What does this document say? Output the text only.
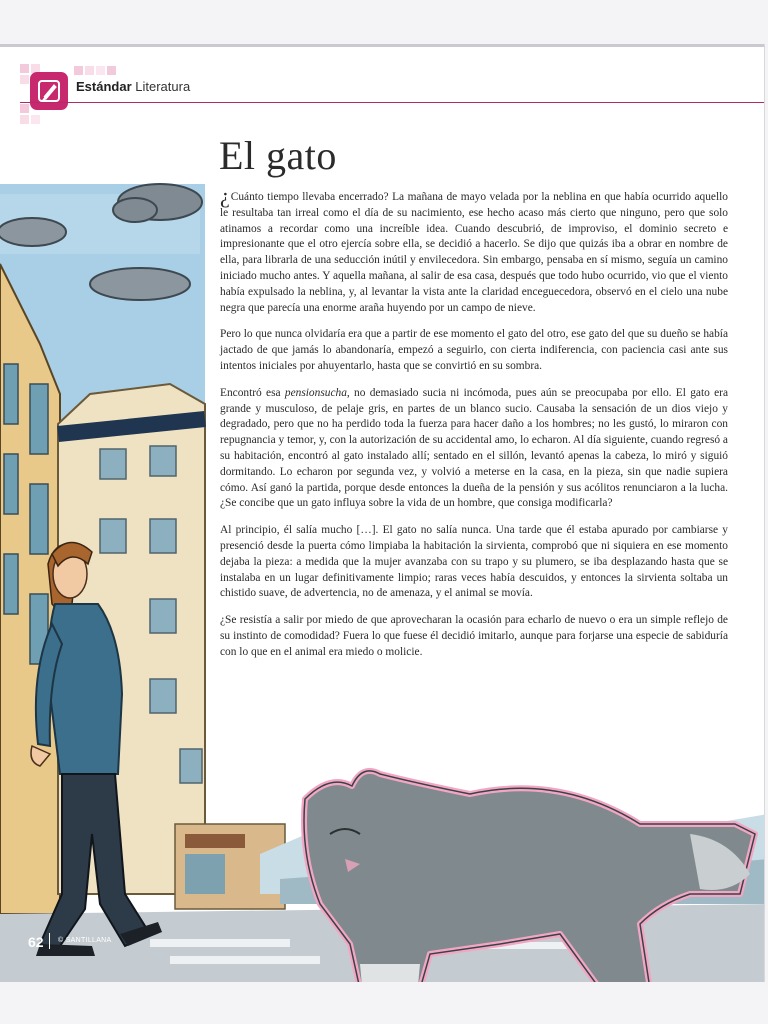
Estándar Literatura
El gato

¿Cuánto tiempo llevaba encerrado? La mañana de mayo velada por la neblina en que había ocurrido aquello le resultaba tan irreal como el día de su nacimiento, ese hecho acaso más cierto que ninguno, pero que solo atinamos a recordar como una increíble idea. Cuando descubrió, de improviso, el dominio secreto e impresionante que el otro ejercía sobre ella, se decidió a hacerlo. Se dijo que quizás iba a obrar en nombre de ella, para librarla de una seducción inútil y envilecedora. Sin embargo, pensaba en sí mismo, seguía un camino iniciado mucho antes. Y aquella mañana, al salir de esa casa, después que todo hubo ocurrido, vio que el viento había expulsado la neblina, y, al levantar la vista ante la claridad enceguecedora, observó en el cielo una nube negra que parecía una enorme araña huyendo por un campo de nieve.

Pero lo que nunca olvidaría era que a partir de ese momento el gato del otro, ese gato del que su dueño se había jactado de que jamás lo abandonaría, empezó a seguirlo, con cierta indiferencia, con paciencia casi ante sus intentos iniciales por ahuyentarlo, hasta que se convirtió en su sombra.

Encontró esa pensionsucha, no demasiado sucia ni incómoda, pues aún se preocupaba por ello. El gato era grande y musculoso, de pelaje gris, en partes de un blanco sucio. Causaba la sensación de un dios viejo y degradado, pero que no ha perdido toda la fuerza para hacer daño a los hombres; no les gustó, lo miraron con repugnancia y temor, y, con la autorización de su accidental amo, lo echaron. Al día siguiente, cuando regresó a su habitación, encontró al gato instalado allí; sentado en el sillón, levantó apenas la cabeza, lo miró y siguió dormitando. Lo echaron por segunda vez, y volvió a meterse en la casa, en la pieza, sin que nadie supiera cómo. Así ganó la partida, porque desde entonces la dueña de la pensión y sus acólitos renunciaron a la lucha. ¿Se concibe que un gato influya sobre la vida de un hombre, que consiga modificarla?

Al principio, él salía mucho […]. El gato no salía nunca. Una tarde que él estaba apurado por cambiarse y presenció desde la puerta cómo limpiaba la habitación la sirvienta, comprobó que ni siquiera en ese momento dejaba la pieza: a medida que la mujer avanzaba con su trapo y su plumero, se iba desplazando hasta que se instalaba en un lugar definitivamente limpio; raras veces había descuidos, y entonces la sirvienta soltaba un chistido suave, de advertencia, no de amenaza, y el animal se movía.

¿Se resistía a salir por miedo de que aprovecharan la ocasión para echarlo de nuevo o era un simple reflejo de su instinto de comodidad? Fuera lo que fuese él decidió imitarlo, aunque para forjarse una especie de sabiduría con lo que en el animal era miedo o molicie.

62 © SANTILLANA
